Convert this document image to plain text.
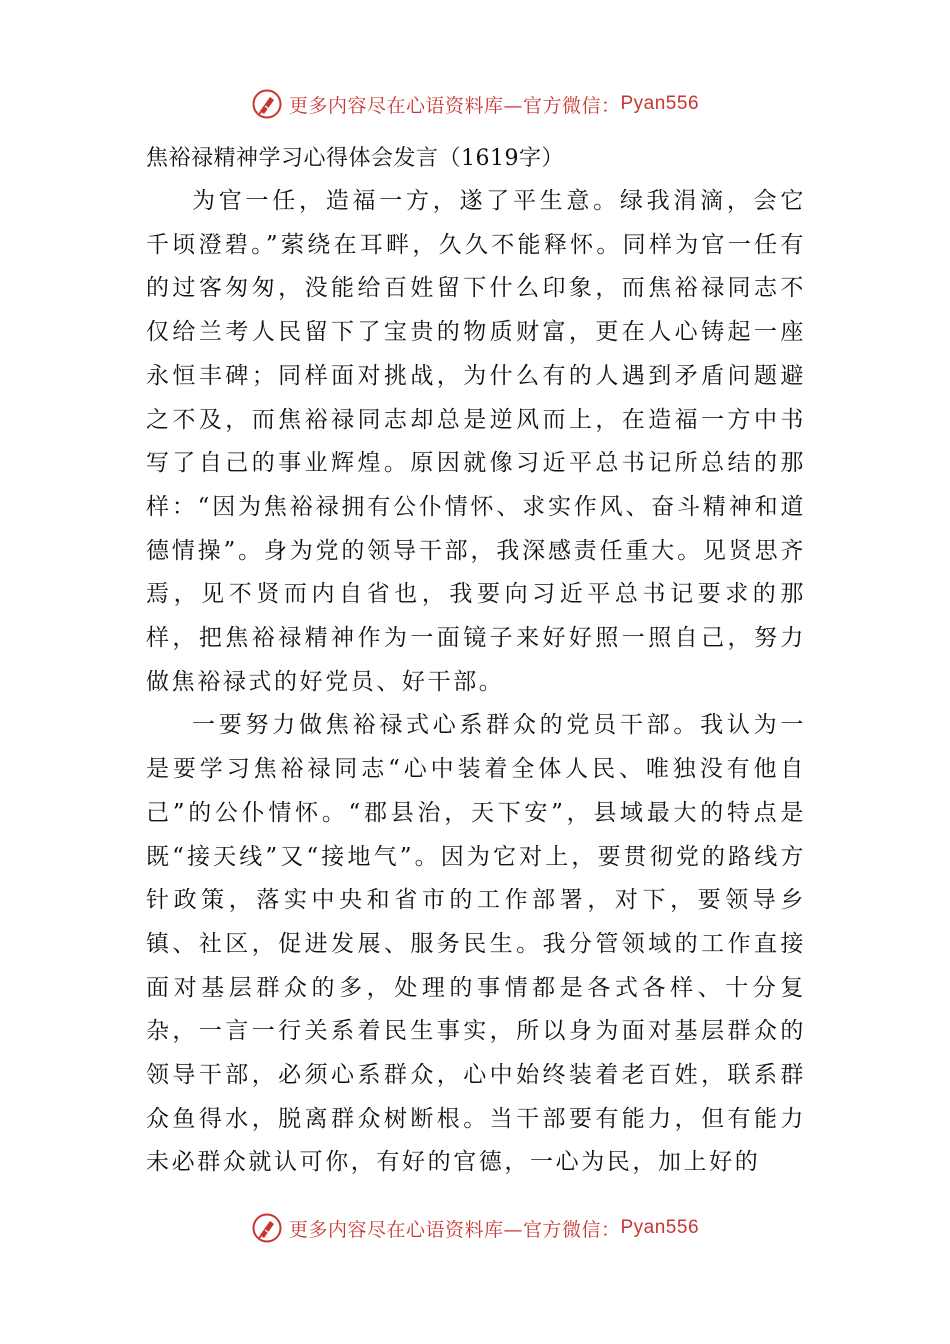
更多内容尽在心语资料库—官方微信： Pyan556
焦裕禄精神学习心得体会发言（1619字）

为官一任，造福一方，遂了平生意。绿我涓滴，会它千顷澄碧。”萦绕在耳畔，久久不能释怀。同样为官一任有的过客匆匆，没能给百姓留下什么印象，而焦裕禄同志不仅给兰考人民留下了宝贵的物质财富，更在人心铸起一座永恒丰碑；同样面对挑战，为什么有的人遇到矛盾问题避之不及，而焦裕禄同志却总是逆风而上，在造福一方中书写了自己的事业辉煌。原因就像习近平总书记所总结的那样：“因为焦裕禄拥有公仆情怀、求实作风、奋斗精神和道德情操”。身为党的领导干部，我深感责任重大。见贤思齐焉，见不贤而内自省也，我要向习近平总书记要求的那样，把焦裕禄精神作为一面镜子来好好照一照自己，努力做焦裕禄式的好党员、好干部。

一要努力做焦裕禄式心系群众的党员干部。我认为一是要学习焦裕禄同志“心中装着全体人民、唯独没有他自己”的公仆情怀。“郡县治，天下安”，县域最大的特点是既“接天线”又“接地气”。因为它对上，要贯彻党的路线方针政策，落实中央和省市的工作部署，对下，要领导乡镇、社区，促进发展、服务民生。我分管领域的工作直接面对基层群众的多，处理的事情都是各式各样、十分复杂，一言一行关系着民生事实，所以身为面对基层群众的领导干部，必须心系群众，心中始终装着老百姓，联系群众鱼得水，脱离群众树断根。当干部要有能力，但有能力未必群众就认可你，有好的官德，一心为民，加上好的

更多内容尽在心语资料库—官方微信： Pyan556
